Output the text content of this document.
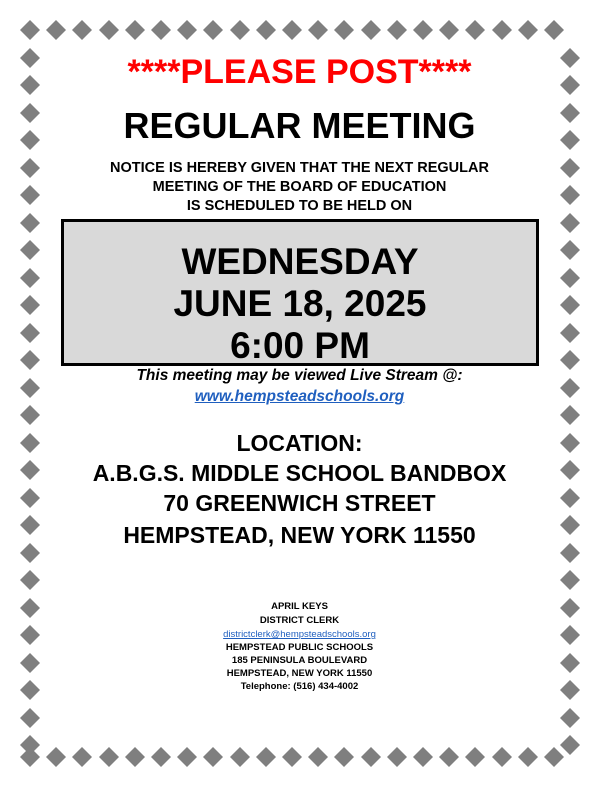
****PLEASE POST****
REGULAR MEETING
NOTICE IS HEREBY GIVEN THAT THE NEXT REGULAR
MEETING OF THE BOARD OF EDUCATION
IS SCHEDULED TO BE HELD ON
WEDNESDAY
JUNE 18, 2025
6:00 PM
This meeting may be viewed Live Stream @:
www.hempsteadschools.org
LOCATION:
A.B.G.S. MIDDLE SCHOOL BANDBOX
70 GREENWICH STREET
HEMPSTEAD, NEW YORK 11550
APRIL KEYS
DISTRICT CLERK
districtclerk@hempsteadschools.org
HEMPSTEAD PUBLIC SCHOOLS
185 PENINSULA BOULEVARD
HEMPSTEAD, NEW YORK 11550
Telephone: (516) 434-4002
